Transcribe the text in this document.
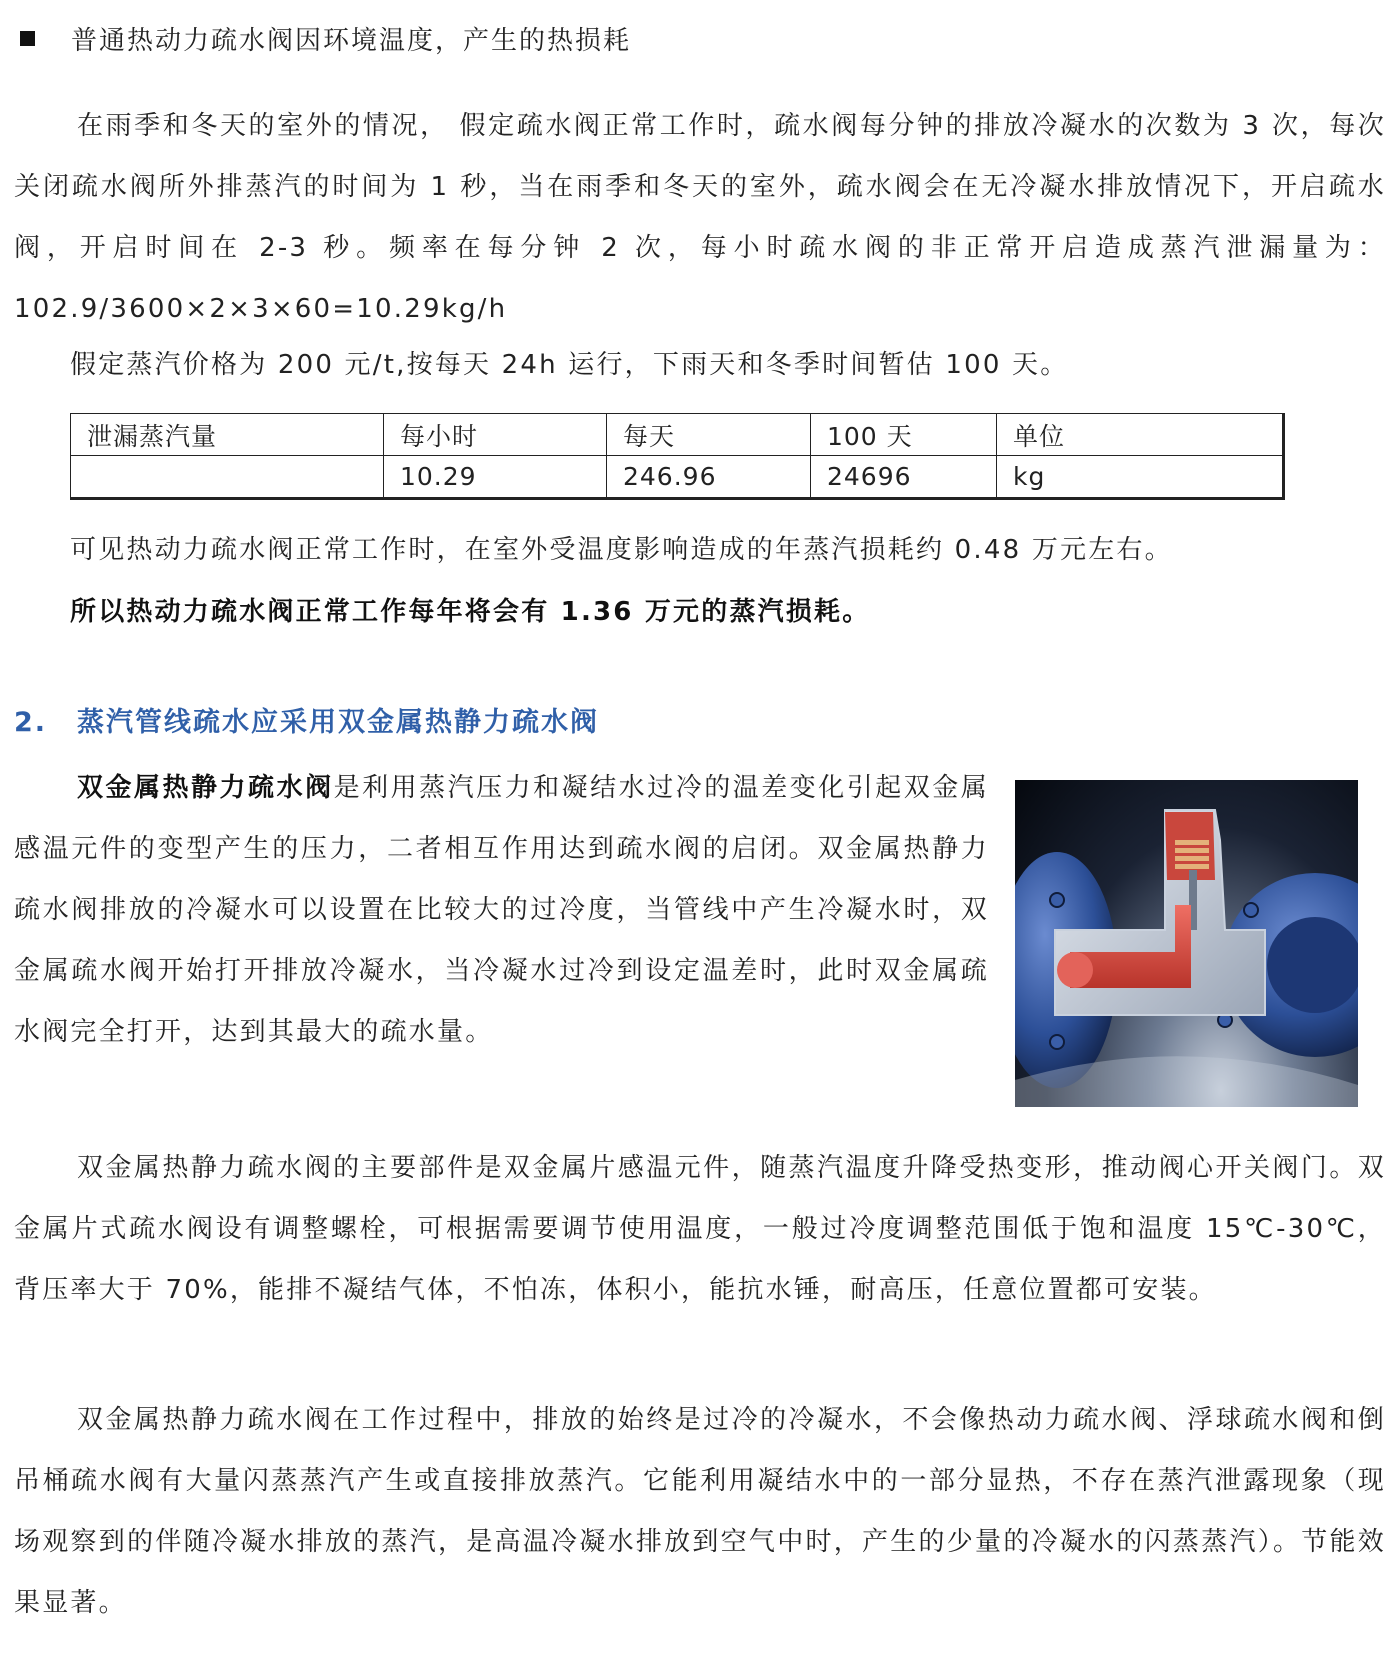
普通热动力疏水阀因环境温度，产生的热损耗

在雨季和冬天的室外的情况， 假定疏水阀正常工作时，疏水阀每分钟的排放冷凝水的次数为 3 次，每次关闭疏水阀所外排蒸汽的时间为 1 秒，当在雨季和冬天的室外，疏水阀会在无冷凝水排放情况下，开启疏水阀，开启时间在 2-3 秒。频率在每分钟 2 次，每小时疏水阀的非正常开启造成蒸汽泄漏量为：102.9/3600×2×3×60=10.29kg/h

假定蒸汽价格为 200 元/t,按每天 24h 运行，下雨天和冬季时间暂估 100 天。

泄漏蒸汽量	每小时	每天	100 天	单位
	10.29	246.96	24696	kg

可见热动力疏水阀正常工作时，在室外受温度影响造成的年蒸汽损耗约 0.48 万元左右。

所以热动力疏水阀正常工作每年将会有 1.36 万元的蒸汽损耗。

2. 蒸汽管线疏水应采用双金属热静力疏水阀

双金属热静力疏水阀是利用蒸汽压力和凝结水过冷的温差变化引起双金属感温元件的变型产生的压力，二者相互作用达到疏水阀的启闭。双金属热静力疏水阀排放的冷凝水可以设置在比较大的过冷度，当管线中产生冷凝水时，双金属疏水阀开始打开排放冷凝水，当冷凝水过冷到设定温差时，此时双金属疏水阀完全打开，达到其最大的疏水量。

双金属热静力疏水阀的主要部件是双金属片感温元件，随蒸汽温度升降受热变形，推动阀心开关阀门。双金属片式疏水阀设有调整螺栓，可根据需要调节使用温度，一般过冷度调整范围低于饱和温度 15℃-30℃，背压率大于 70%，能排不凝结气体，不怕冻，体积小，能抗水锤，耐高压，任意位置都可安装。

双金属热静力疏水阀在工作过程中，排放的始终是过冷的冷凝水，不会像热动力疏水阀、浮球疏水阀和倒吊桶疏水阀有大量闪蒸蒸汽产生或直接排放蒸汽。它能利用凝结水中的一部分显热，不存在蒸汽泄露现象（现场观察到的伴随冷凝水排放的蒸汽，是高温冷凝水排放到空气中时，产生的少量的冷凝水的闪蒸蒸汽）。节能效果显著。
